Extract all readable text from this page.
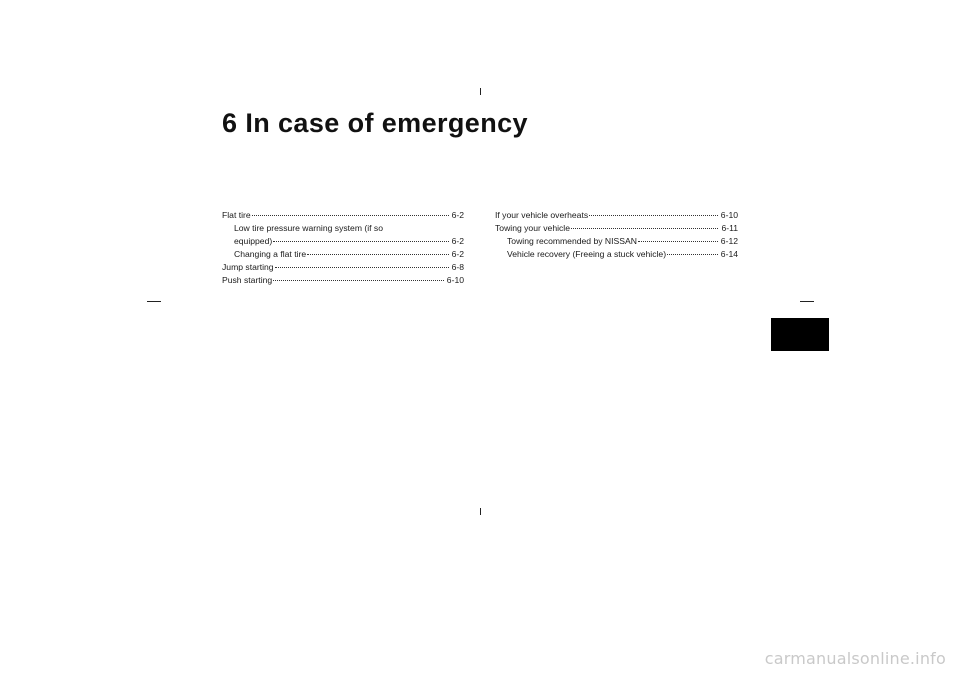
6 In case of emergency
Flat tire	6-2
Low tire pressure warning system (if so
equipped)	6-2
Changing a flat tire	6-2
Jump starting	6-8
Push starting	6-10
If your vehicle overheats	6-10
Towing your vehicle	6-11
Towing recommended by NISSAN	6-12
Vehicle recovery (Freeing a stuck vehicle)	6-14
carmanualsonline.info
